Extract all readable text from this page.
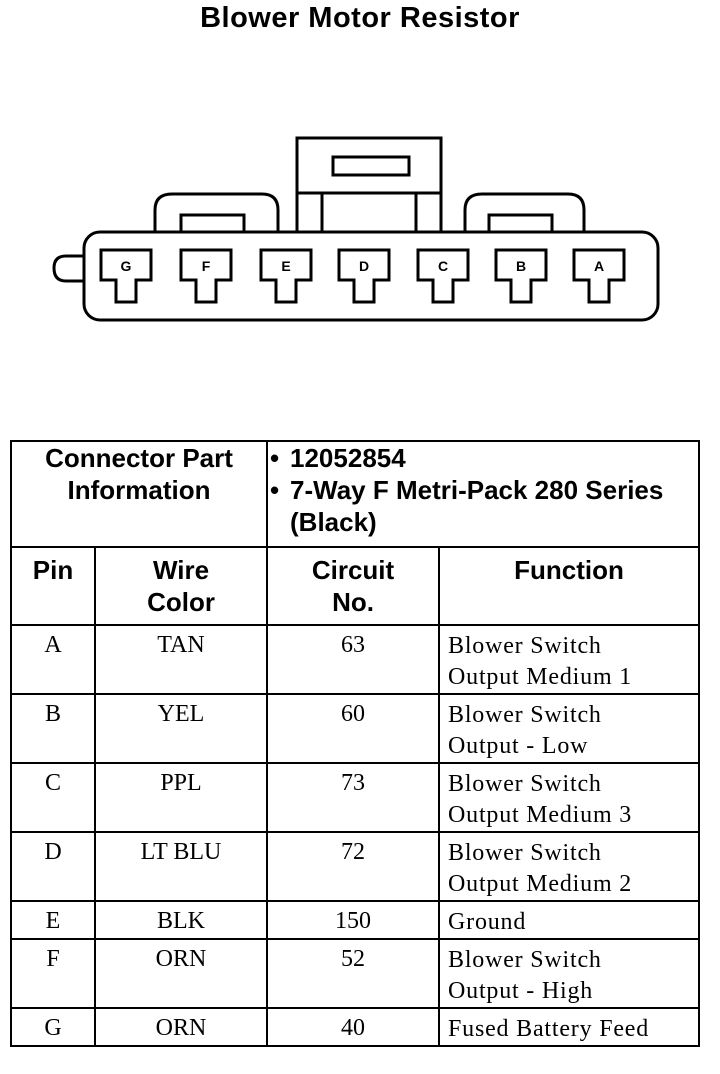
Blower Motor Resistor
G	F	E	D	C	B	A
Connector Part Information		• 12052854
• 7-Way F Metri-Pack 280 Series (Black)	

Pin	Wire Color	Circuit No.	Function

A	TAN	63	Blower Switch
Output Medium 1

B	YEL	60	Blower Switch
Output - Low

C	PPL	73	Blower Switch
Output Medium 3

D	LT BLU	72	Blower Switch
Output Medium 2

E	BLK	150	Ground

F	ORN	52	Blower Switch
Output - High

G	ORN	40	Fused Battery Feed
